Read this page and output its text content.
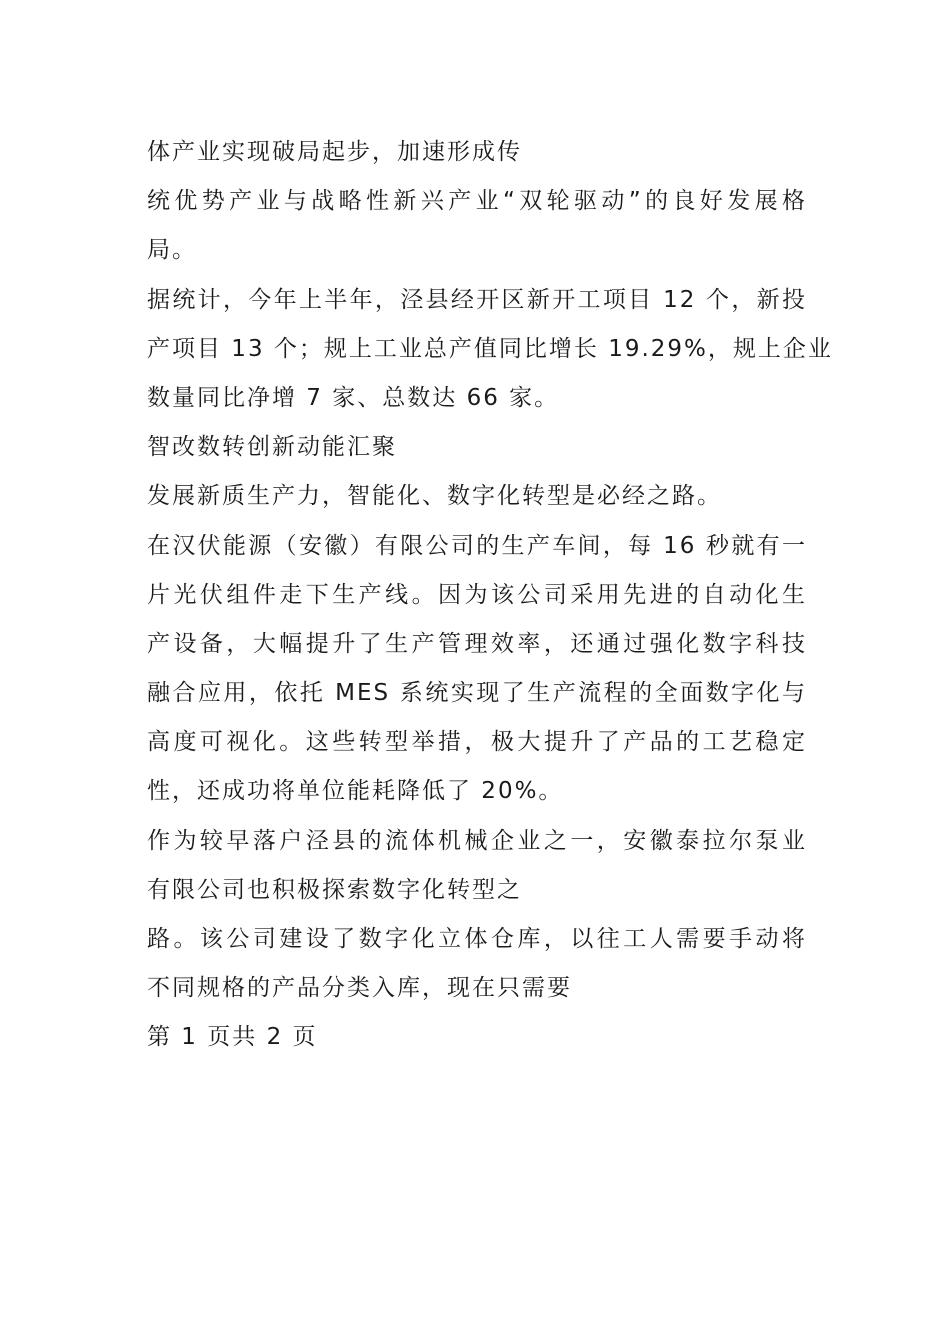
体产业实现破局起步，加速形成传
统优势产业与战略性新兴产业“双轮驱动”的良好发展格
局。
据统计，今年上半年，泾县经开区新开工项目 12 个，新投
产项目 13 个；规上工业总产值同比增长 19.29%，规上企业
数量同比净增 7 家、总数达 66 家。
智改数转创新动能汇聚
发展新质生产力，智能化、数字化转型是必经之路。
在汉伏能源（安徽）有限公司的生产车间，每 16 秒就有一
片光伏组件走下生产线。因为该公司采用先进的自动化生
产设备，大幅提升了生产管理效率，还通过强化数字科技
融合应用，依托 MES 系统实现了生产流程的全面数字化与
高度可视化。这些转型举措，极大提升了产品的工艺稳定
性，还成功将单位能耗降低了 20%。
作为较早落户泾县的流体机械企业之一，安徽泰拉尔泵业
有限公司也积极探索数字化转型之
路。该公司建设了数字化立体仓库，以往工人需要手动将
不同规格的产品分类入库，现在只需要
第 1 页共 2 页
